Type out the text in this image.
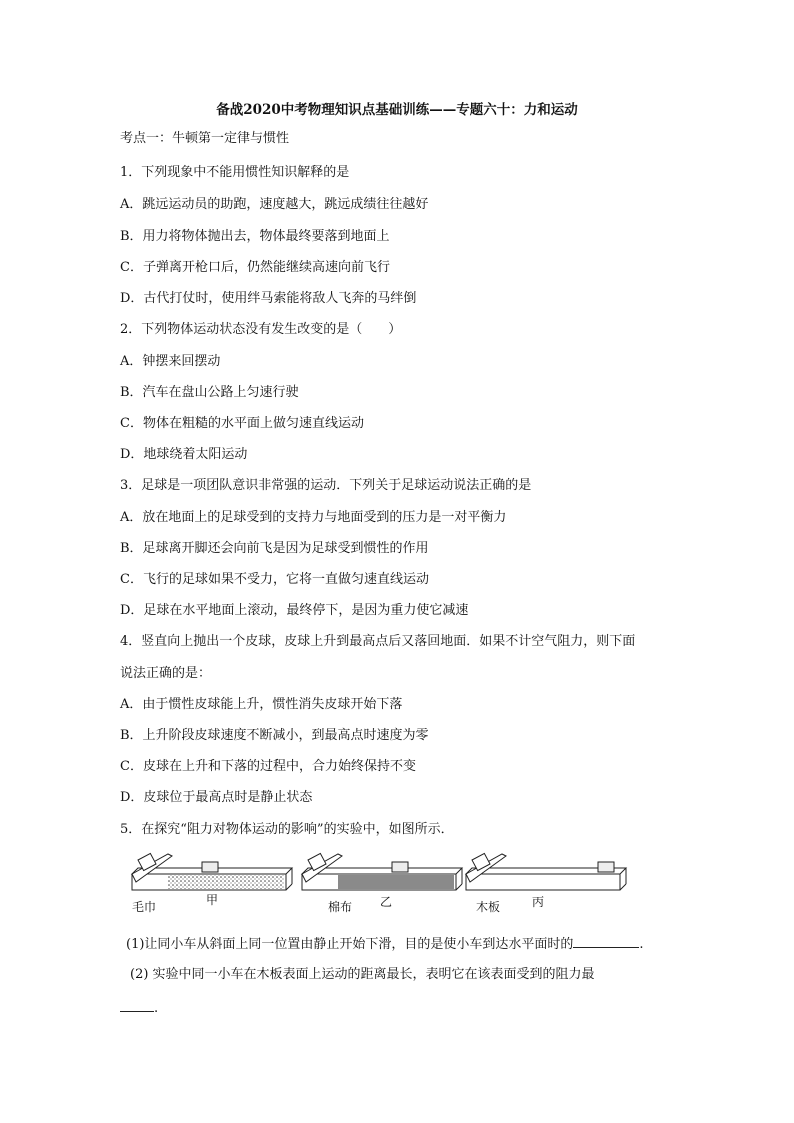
备战2020中考物理知识点基础训练——专题六十：力和运动
考点一：牛顿第一定律与惯性
1．下列现象中不能用惯性知识解释的是
A．跳远运动员的助跑，速度越大，跳远成绩往往越好
B．用力将物体抛出去，物体最终要落到地面上
C．子弹离开枪口后，仍然能继续高速向前飞行
D．古代打仗时，使用绊马索能将敌人飞奔的马绊倒
2．下列物体运动状态没有发生改变的是（　　）
A．钟摆来回摆动
B．汽车在盘山公路上匀速行驶
C．物体在粗糙的水平面上做匀速直线运动
D．地球绕着太阳运动
3．足球是一项团队意识非常强的运动．下列关于足球运动说法正确的是
A．放在地面上的足球受到的支持力与地面受到的压力是一对平衡力
B．足球离开脚还会向前飞是因为足球受到惯性的作用
C．飞行的足球如果不受力，它将一直做匀速直线运动
D．足球在水平地面上滚动，最终停下，是因为重力使它减速
4．竖直向上抛出一个皮球，皮球上升到最高点后又落回地面．如果不计空气阻力，则下面
说法正确的是：
A．由于惯性皮球能上升，惯性消失皮球开始下落
B．上升阶段皮球速度不断减小，到最高点时速度为零
C．皮球在上升和下落的过程中，合力始终保持不变
D．皮球位于最高点时是静止状态
5．在探究“阻力对物体运动的影响”的实验中，如图所示．
毛巾	甲	棉布 乙	木板	丙
(1)让同小车从斜面上同一位置由静止开始下滑，目的是使小车到达水平面时的	.
(2) 实验中同一小车在木板表面上运动的距离最长，表明它在该表面受到的阻力最
.
